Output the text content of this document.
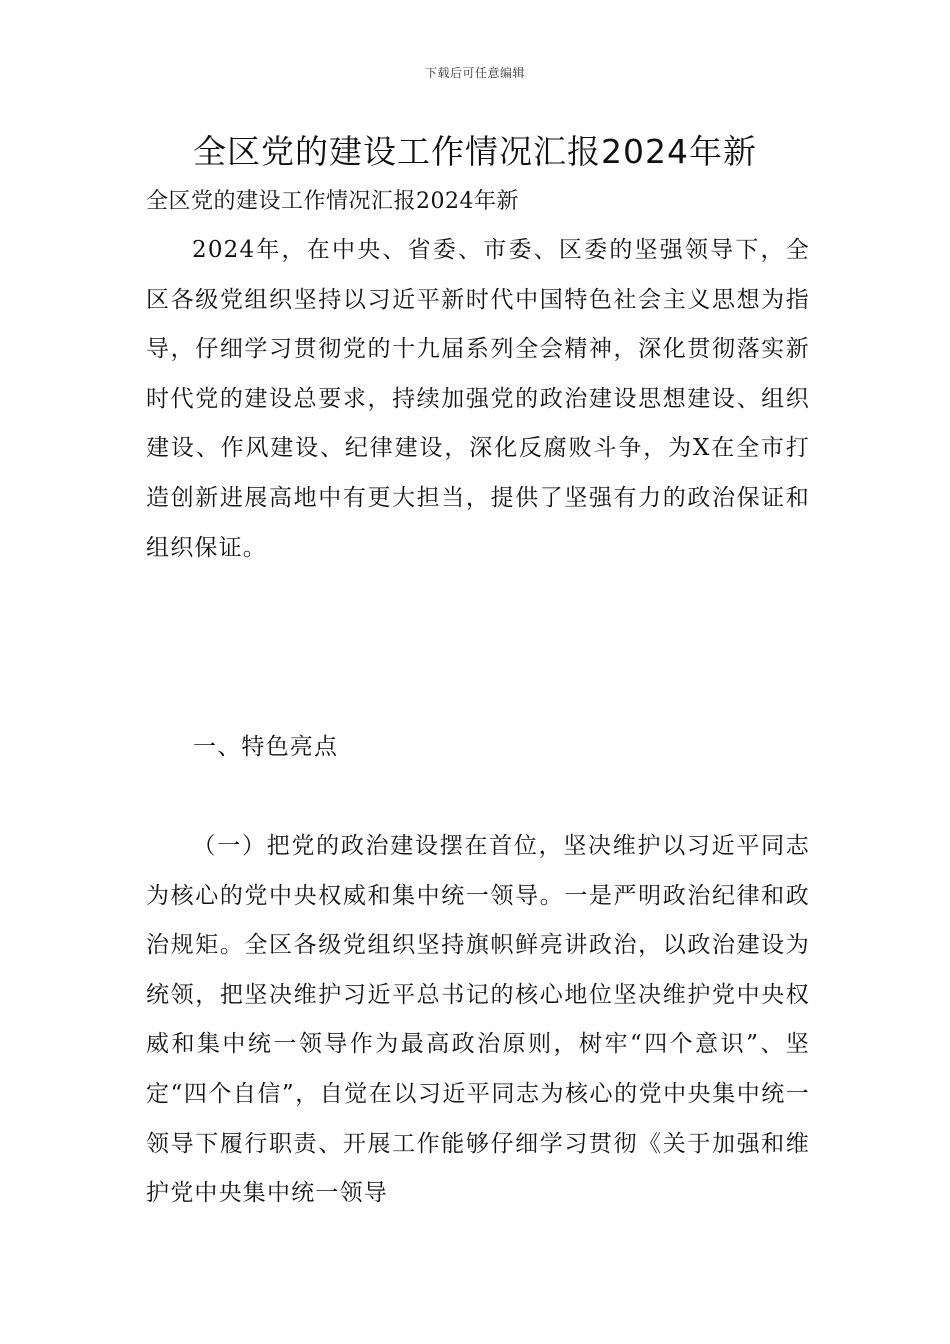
下载后可任意编辑
全区党的建设工作情况汇报2024年新
全区党的建设工作情况汇报2024年新

2024年，在中央、省委、市委、区委的坚强领导下，全区各级党组织坚持以习近平新时代中国特色社会主义思想为指导，仔细学习贯彻党的十九届系列全会精神，深化贯彻落实新时代党的建设总要求，持续加强党的政治建设思想建设、组织建设、作风建设、纪律建设，深化反腐败斗争，为X在全市打造创新进展高地中有更大担当，提供了坚强有力的政治保证和组织保证。

一、特色亮点

（一）把党的政治建设摆在首位，坚决维护以习近平同志为核心的党中央权威和集中统一领导。一是严明政治纪律和政治规矩。全区各级党组织坚持旗帜鲜亮讲政治，以政治建设为统领，把坚决维护习近平总书记的核心地位坚决维护党中央权威和集中统一领导作为最高政治原则，树牢“四个意识”、坚定“四个自信”，自觉在以习近平同志为核心的党中央集中统一领导下履行职责、开展工作能够仔细学习贯彻《关于加强和维护党中央集中统一领导
